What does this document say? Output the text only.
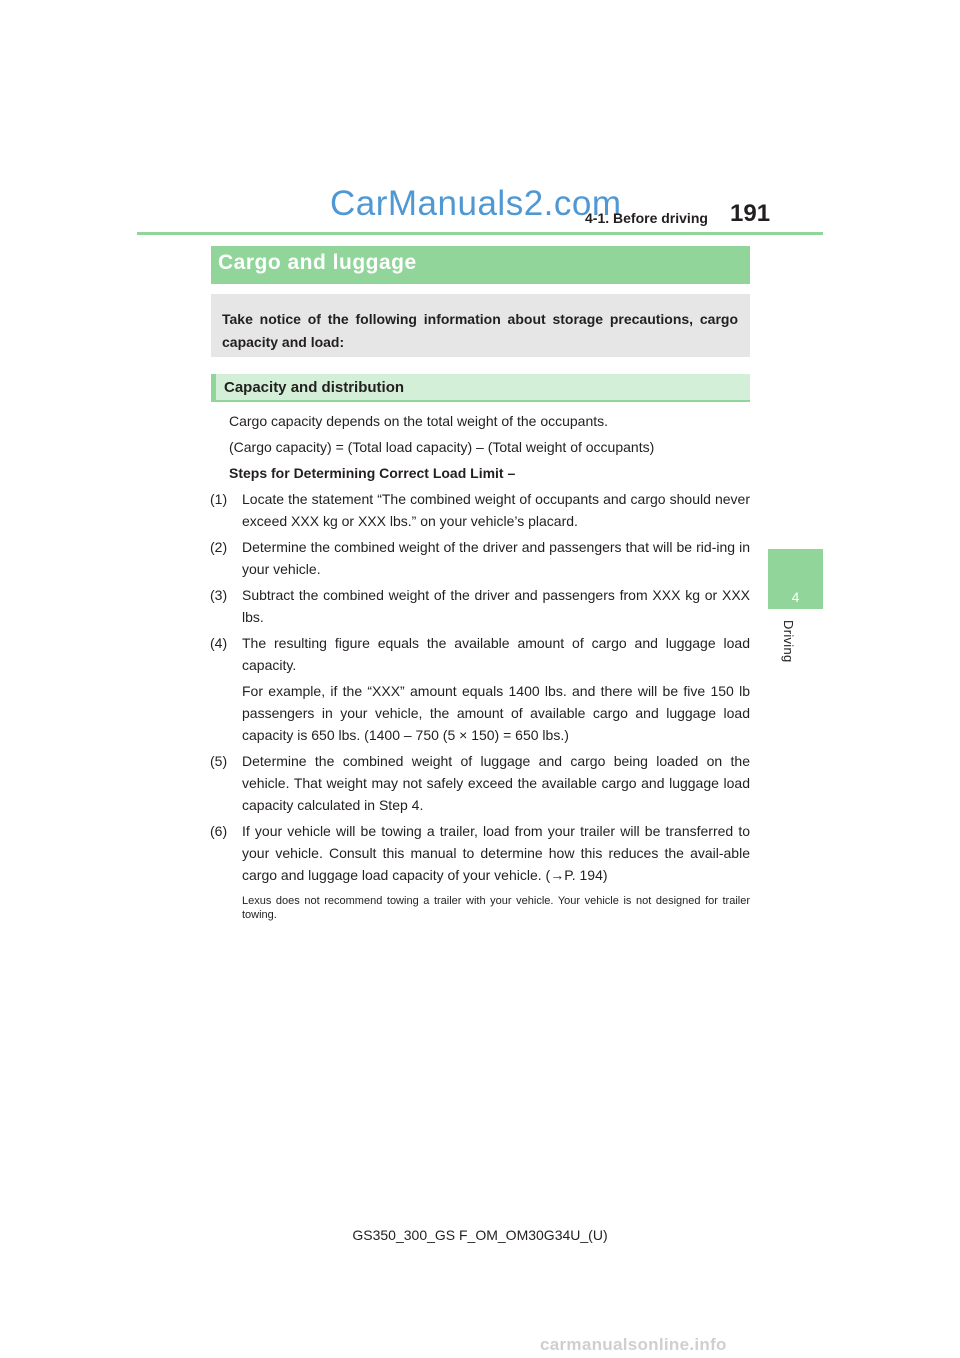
CarManuals2.com
4-1. Before driving 191
4
Driving
Cargo and luggage

Take notice of the following information about storage precautions, cargo capacity and load:

Capacity and distribution

Cargo capacity depends on the total weight of the occupants.

(Cargo capacity) = (Total load capacity) – (Total weight of occupants)

Steps for Determining Correct Load Limit –

(1)	Locate the statement “The combined weight of occupants and cargo should never exceed XXX kg or XXX lbs.” on your vehicle’s placard.
(2)	Determine the combined weight of the driver and passengers that will be rid-ing in your vehicle.
(3)	Subtract the combined weight of the driver and passengers from XXX kg or XXX lbs.
(4)	The resulting figure equals the available amount of cargo and luggage load capacity.

For example, if the “XXX” amount equals 1400 lbs. and there will be five 150 lb passengers in your vehicle, the amount of available cargo and luggage load capacity is 650 lbs. (1400 – 750 (5 × 150) = 650 lbs.)

(5)	Determine the combined weight of luggage and cargo being loaded on the vehicle. That weight may not safely exceed the available cargo and luggage load capacity calculated in Step 4.
(6)	If your vehicle will be towing a trailer, load from your trailer will be transferred to your vehicle. Consult this manual to determine how this reduces the avail-able cargo and luggage load capacity of your vehicle. (→P. 194)

Lexus does not recommend towing a trailer with your vehicle. Your vehicle is not designed for trailer towing.

GS350_300_GS F_OM_OM30G34U_(U)
carmanualsonline.info
